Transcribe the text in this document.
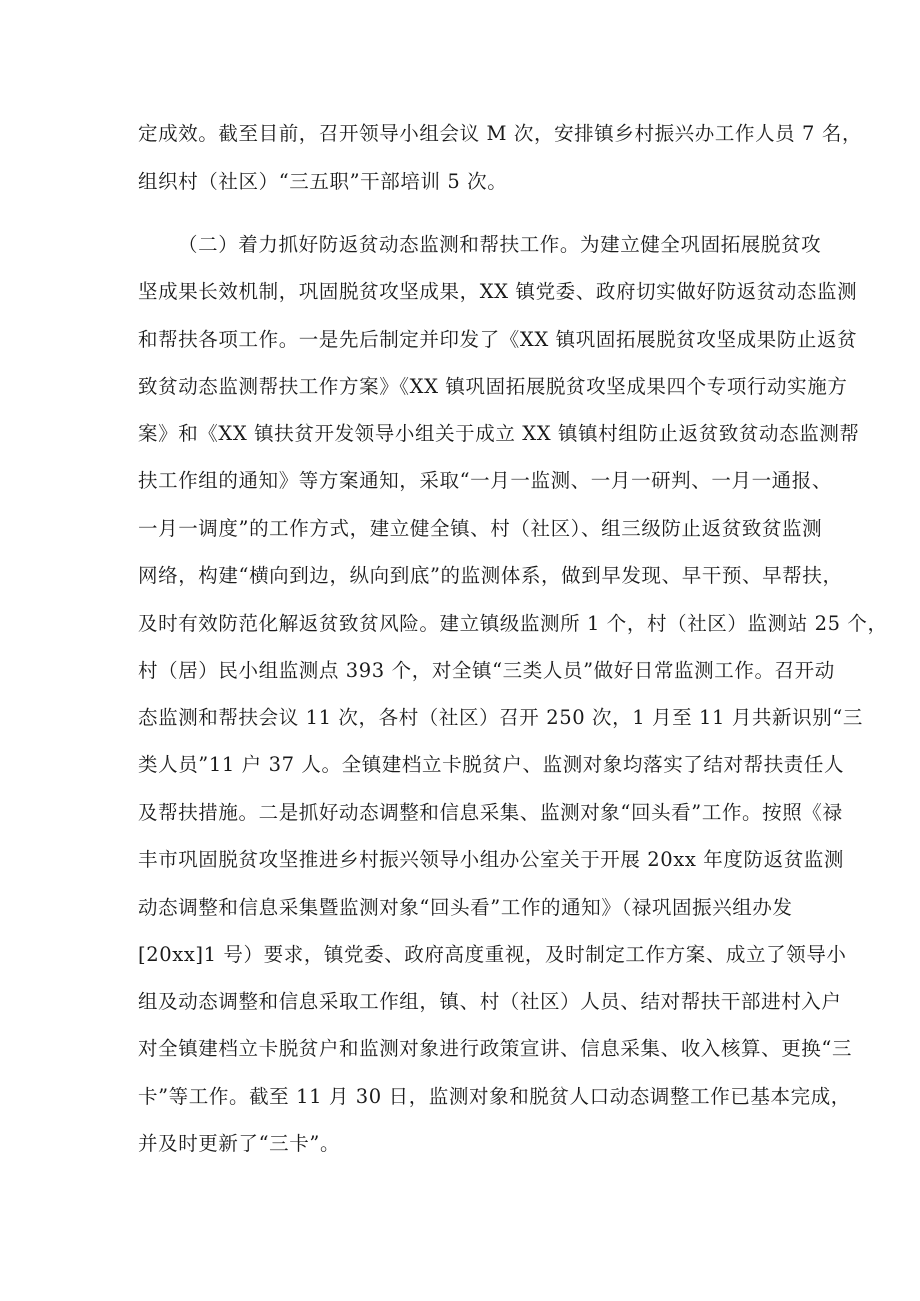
定成效。截至目前，召开领导小组会议 M 次，安排镇乡村振兴办工作人员 7 名，
组织村（社区）“三五职”干部培训 5 次。
（二）着力抓好防返贫动态监测和帮扶工作。为建立健全巩固拓展脱贫攻
坚成果长效机制，巩固脱贫攻坚成果，XX 镇党委、政府切实做好防返贫动态监测
和帮扶各项工作。一是先后制定并印发了《XX 镇巩固拓展脱贫攻坚成果防止返贫
致贫动态监测帮扶工作方案》《XX 镇巩固拓展脱贫攻坚成果四个专项行动实施方
案》和《XX 镇扶贫开发领导小组关于成立 XX 镇镇村组防止返贫致贫动态监测帮
扶工作组的通知》等方案通知，采取“一月一监测、一月一研判、一月一通报、
一月一调度”的工作方式，建立健全镇、村（社区）、组三级防止返贫致贫监测
网络，构建“横向到边，纵向到底”的监测体系，做到早发现、早干预、早帮扶，
及时有效防范化解返贫致贫风险。建立镇级监测所 1 个，村（社区）监测站 25 个，
村（居）民小组监测点 393 个，对全镇“三类人员”做好日常监测工作。召开动
态监测和帮扶会议 11 次，各村（社区）召开 250 次，1 月至 11 月共新识别“三
类人员”11 户 37 人。全镇建档立卡脱贫户、监测对象均落实了结对帮扶责任人
及帮扶措施。二是抓好动态调整和信息采集、监测对象“回头看”工作。按照《禄
丰市巩固脱贫攻坚推进乡村振兴领导小组办公室关于开展 20xx 年度防返贫监测
动态调整和信息采集暨监测对象“回头看”工作的通知》（禄巩固振兴组办发
[20xx]1 号）要求，镇党委、政府高度重视，及时制定工作方案、成立了领导小
组及动态调整和信息采取工作组，镇、村（社区）人员、结对帮扶干部进村入户
对全镇建档立卡脱贫户和监测对象进行政策宣讲、信息采集、收入核算、更换“三
卡”等工作。截至 11 月 30 日，监测对象和脱贫人口动态调整工作已基本完成，
并及时更新了“三卡”。
